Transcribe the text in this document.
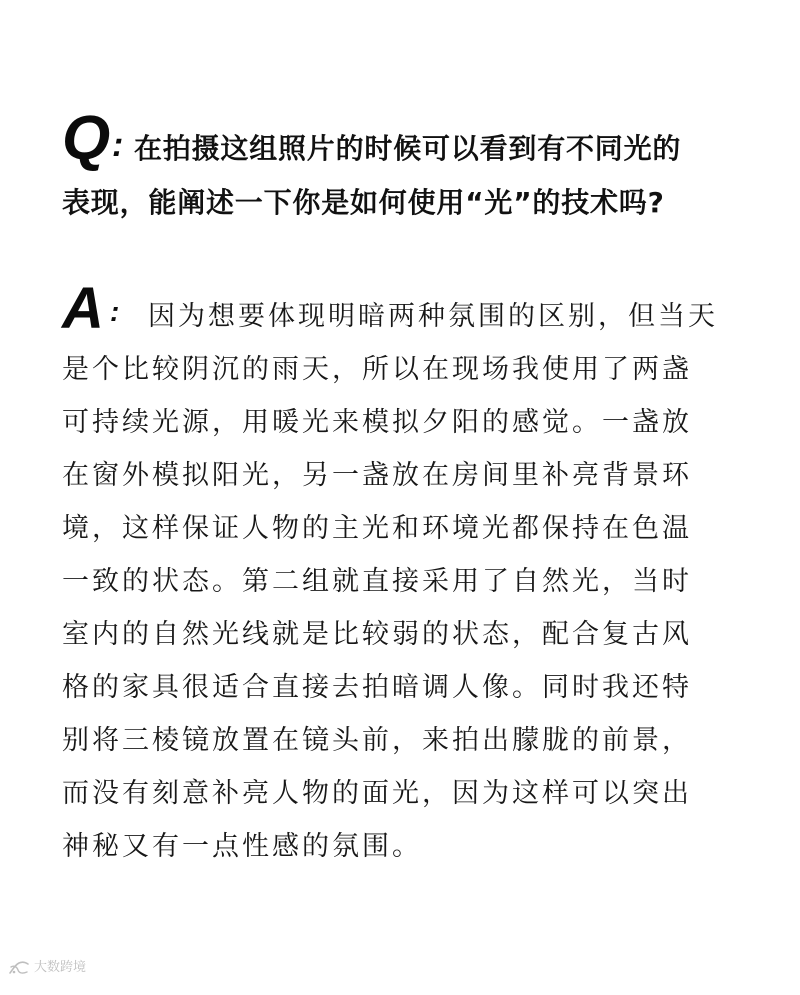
Q : 在拍摄这组照片的时候可以看到有不同光的
表现，能阐述一下你是如何使用“光”的技术吗?

A :	因为想要体现明暗两种氛围的区别，但当天
是个比较阴沉的雨天，所以在现场我使用了两盏
可持续光源，用暖光来模拟夕阳的感觉。一盏放
在窗外模拟阳光，另一盏放在房间里补亮背景环
境，这样保证人物的主光和环境光都保持在色温
一致的状态。第二组就直接采用了自然光，当时
室内的自然光线就是比较弱的状态，配合复古风
格的家具很适合直接去拍暗调人像。同时我还特
别将三棱镜放置在镜头前，来拍出朦胧的前景，
而没有刻意补亮人物的面光，因为这样可以突出
神秘又有一点性感的氛围。

大数跨境
